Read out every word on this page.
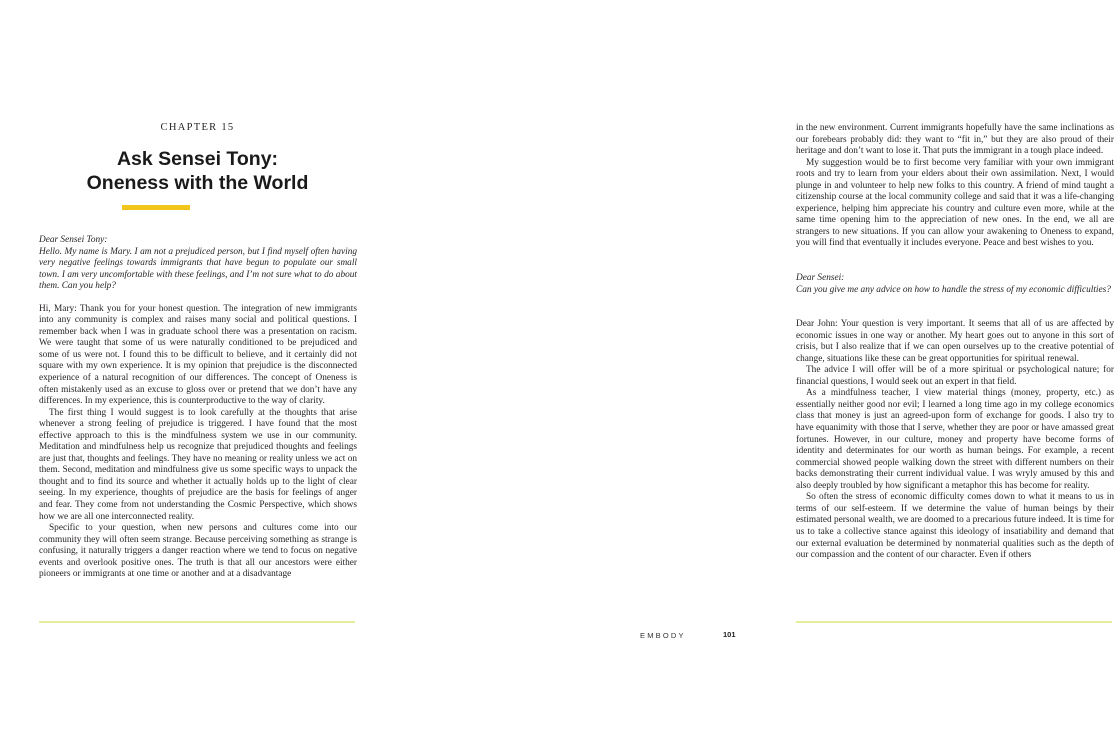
CHAPTER 15
Ask Sensei Tony:
Oneness with the World

Dear Sensei Tony:

Hello. My name is Mary. I am not a prejudiced person, but I find myself often having very negative feelings towards immigrants that have begun to populate our small town. I am very uncomfortable with these feelings, and I’m not sure what to do about them. Can you help?

Hi, Mary: Thank you for your honest question. The integration of new immigrants into any community is complex and raises many social and political questions. I remember back when I was in graduate school there was a presentation on racism. We were taught that some of us were naturally conditioned to be prejudiced and some of us were not. I found this to be difficult to believe, and it certainly did not square with my own experience. It is my opinion that prejudice is the disconnected experience of a natural recognition of our differences. The concept of Oneness is often mistakenly used as an excuse to gloss over or pretend that we don’t have any differences. In my experience, this is counterproductive to the way of clarity.

The first thing I would suggest is to look carefully at the thoughts that arise whenever a strong feeling of prejudice is triggered. I have found that the most effective approach to this is the mindfulness system we use in our community. Meditation and mindfulness help us recognize that prejudiced thoughts and feelings are just that, thoughts and feelings. They have no meaning or reality unless we act on them. Second, meditation and mindfulness give us some specific ways to unpack the thought and to find its source and whether it actually holds up to the light of clear seeing. In my experience, thoughts of prejudice are the basis for feelings of anger and fear. They come from not understanding the Cosmic Perspective, which shows how we are all one interconnected reality.

Specific to your question, when new persons and cultures come into our community they will often seem strange. Because perceiving something as strange is confusing, it naturally triggers a danger reaction where we tend to focus on negative events and overlook positive ones. The truth is that all our ancestors were either pioneers or immigrants at one time or another and at a disadvantage

in the new environment. Current immigrants hopefully have the same inclinations as our forebears probably did: they want to “fit in,” but they are also proud of their heritage and don’t want to lose it. That puts the immigrant in a tough place indeed.

My suggestion would be to first become very familiar with your own immigrant roots and try to learn from your elders about their own assimilation. Next, I would plunge in and volunteer to help new folks to this country. A friend of mind taught a citizenship course at the local community college and said that it was a life-changing experience, helping him appreciate his country and culture even more, while at the same time opening him to the appreciation of new ones. In the end, we all are strangers to new situations. If you can allow your awakening to Oneness to expand, you will find that eventually it includes everyone. Peace and best wishes to you.

Dear Sensei:

Can you give me any advice on how to handle the stress of my economic difficulties?

Dear John: Your question is very important. It seems that all of us are affected by economic issues in one way or another. My heart goes out to anyone in this sort of crisis, but I also realize that if we can open ourselves up to the creative potential of change, situations like these can be great opportunities for spiritual renewal.

The advice I will offer will be of a more spiritual or psychological nature; for financial questions, I would seek out an expert in that field.

As a mindfulness teacher, I view material things (money, property, etc.) as essentially neither good nor evil; I learned a long time ago in my college economics class that money is just an agreed-upon form of exchange for goods. I also try to have equanimity with those that I serve, whether they are poor or have amassed great fortunes. However, in our culture, money and property have become forms of identity and determinates for our worth as human beings. For example, a recent commercial showed people walking down the street with different numbers on their backs demonstrating their current individual value. I was wryly amused by this and also deeply troubled by how significant a metaphor this has become for reality.

So often the stress of economic difficulty comes down to what it means to us in terms of our self-esteem. If we determine the value of human beings by their estimated personal wealth, we are doomed to a precarious future indeed. It is time for us to take a collective stance against this ideology of insatiability and demand that our external evaluation be determined by nonmaterial qualities such as the depth of our compassion and the content of our character. Even if others

EMBODY	101
